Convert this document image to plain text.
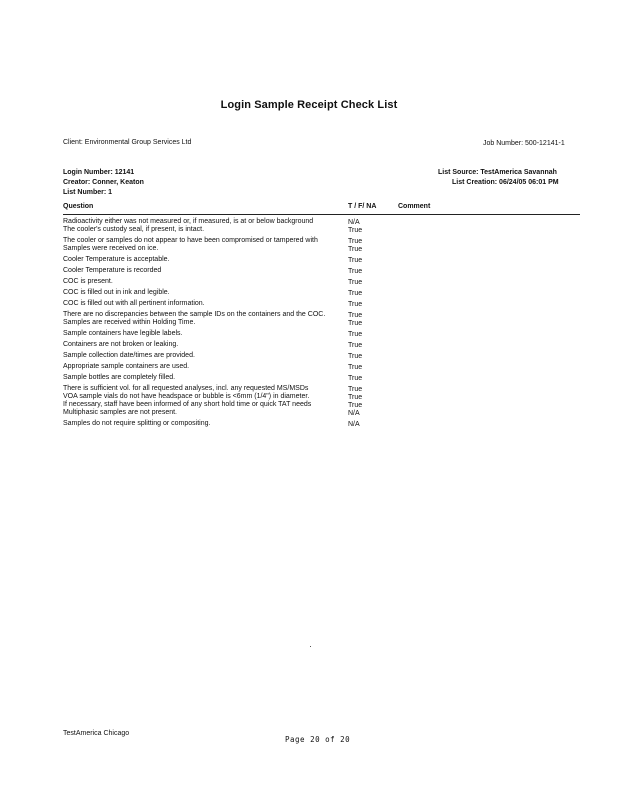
Login Sample Receipt Check List
Client: Environmental Group Services Ltd	Job Number: 500-12141-1
Login Number: 12141
Creator: Conner, Keaton
List Number: 1
List Source: TestAmerica Savannah
List Creation: 06/24/05 06:01 PM
Question	T / F/ NA	Comment
Radioactivity either was not measured or, if measured, is at or below background	N/A
The cooler's custody seal, if present, is intact.	True
The cooler or samples do not appear to have been compromised or tampered with	True
Samples were received on ice.	True
Cooler Temperature is acceptable.	True
Cooler Temperature is recorded	True
COC is present.	True
COC is filled out in ink and legible.	True
COC is filled out with all pertinent information.	True
There are no discrepancies between the sample IDs on the containers and the COC.	True
Samples are received within Holding Time.	True
Sample containers have legible labels.	True
Containers are not broken or leaking.	True
Sample collection date/times are provided.	True
Appropriate sample containers are used.	True
Sample bottles are completely filled.	True
There is sufficient vol. for all requested analyses, incl. any requested MS/MSDs	True
VOA sample vials do not have headspace or bubble is <6mm (1/4") in diameter.	True
If necessary, staff have been informed of any short hold time or quick TAT needs	True
Multiphasic samples are not present.	N/A
Samples do not require splitting or compositing.	N/A
TestAmerica Chicago
Page 20 of 20
